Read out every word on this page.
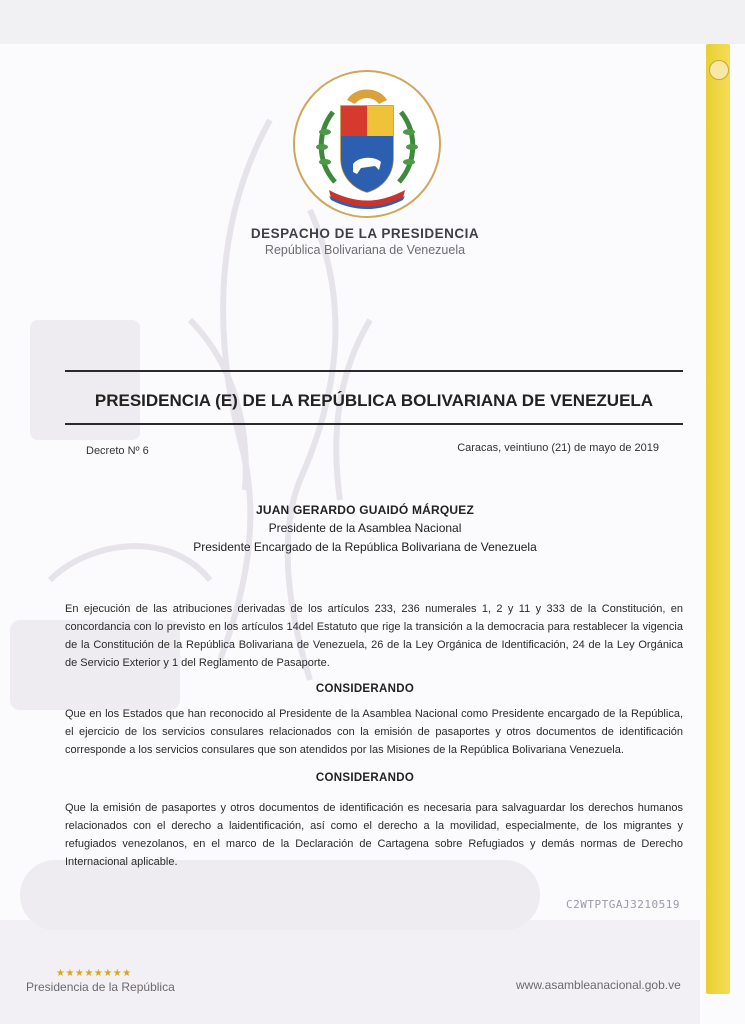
DESPACHO DE LA PRESIDENCIA
República Bolivariana de Venezuela
PRESIDENCIA (E) DE LA REPÚBLICA BOLIVARIANA DE VENEZUELA
Decreto Nº 6	Caracas, veintiuno (21) de mayo de 2019
JUAN GERARDO GUAIDÓ MÁRQUEZ
Presidente de la Asamblea Nacional
Presidente Encargado de la República Bolivariana de Venezuela

En ejecución de las atribuciones derivadas de los artículos 233, 236 numerales 1, 2 y 11 y 333 de la Constitución, en concordancia con lo previsto en los artículos 14del Estatuto que rige la transición a la democracia para restablecer la vigencia de la Constitución de la República Bolivariana de Venezuela, 26 de la Ley Orgánica de Identificación, 24 de la Ley Orgánica de Servicio Exterior y 1 del Reglamento de Pasaporte.

CONSIDERANDO

Que en los Estados que han reconocido al Presidente de la Asamblea Nacional como Presidente encargado de la República, el ejercicio de los servicios consulares relacionados con la emisión de pasaportes y otros documentos de identificación corresponde a los servicios consulares que son atendidos por las Misiones de la República Bolivariana Venezuela.

CONSIDERANDO

Que la emisión de pasaportes y otros documentos de identificación es necesaria para salvaguardar los derechos humanos relacionados con el derecho a laidentificación, así como el derecho a la movilidad, especialmente, de los migrantes y refugiados venezolanos, en el marco de la Declaración de Cartagena sobre Refugiados y demás normas de Derecho Internacional aplicable.

C2WTPTGAJ3210519
★★★★★★★★
Presidencia de la República	www.asambleanacional.gob.ve
